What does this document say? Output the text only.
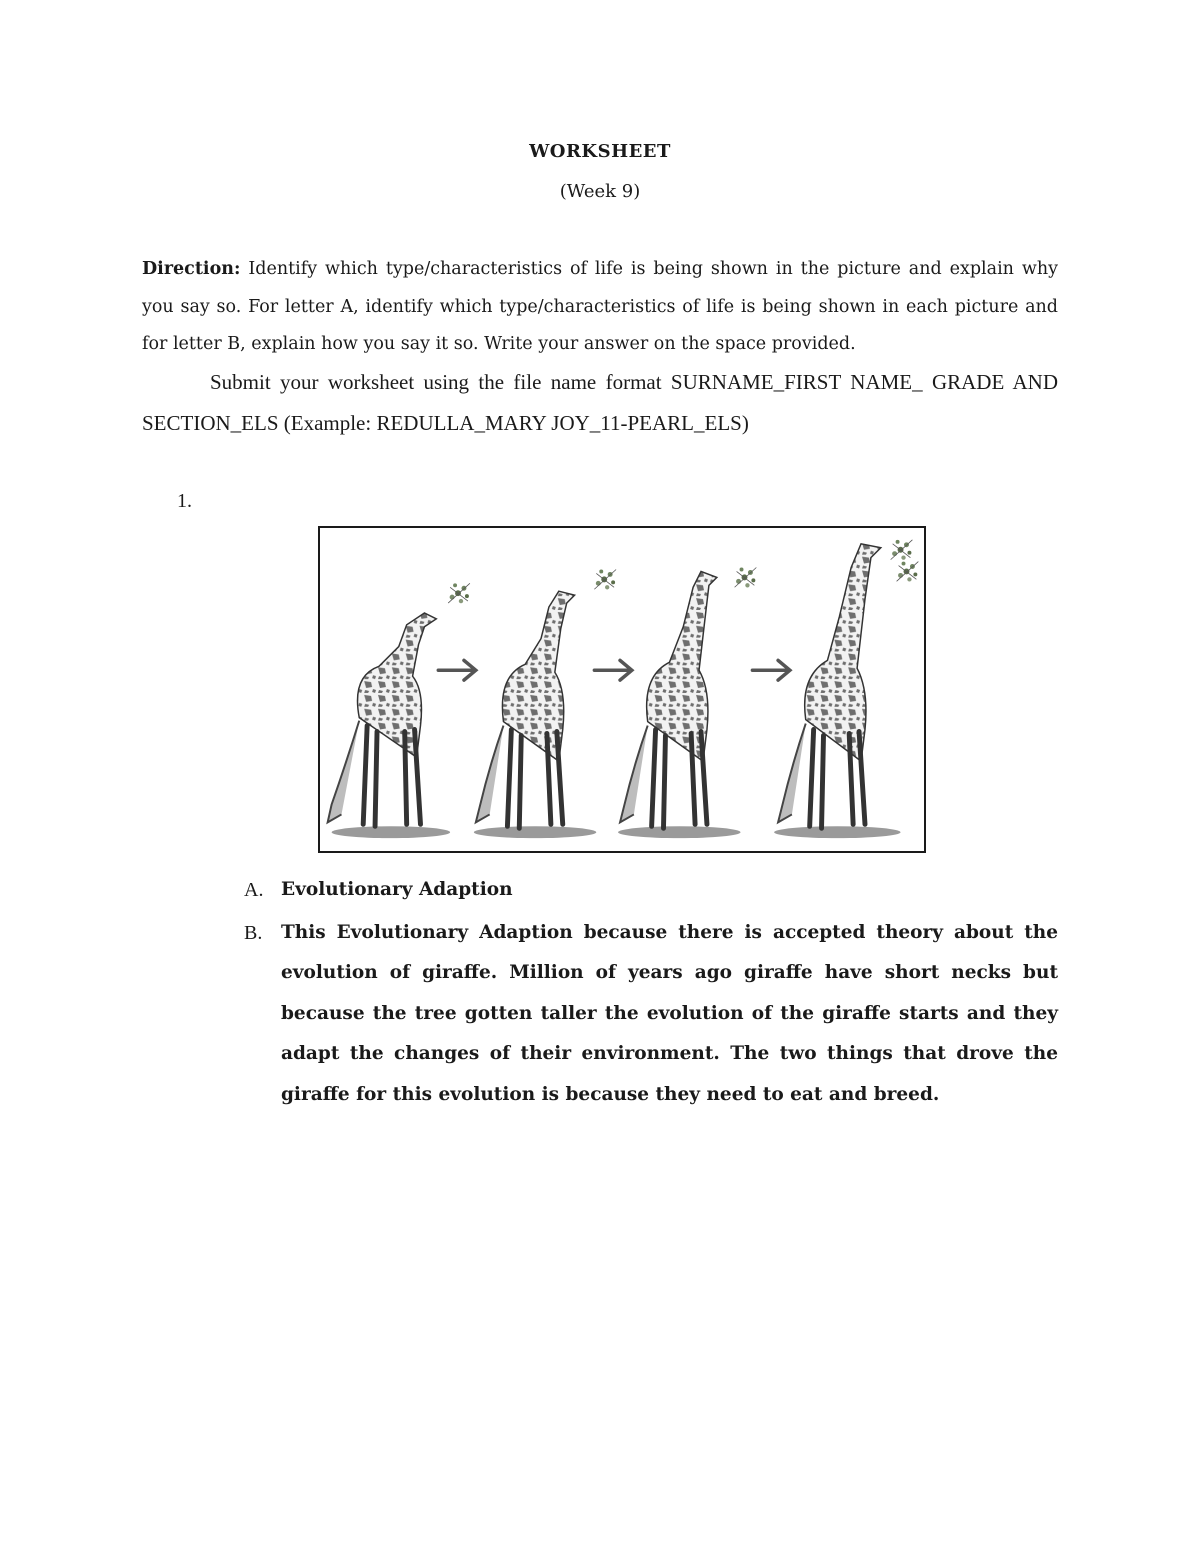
WORKSHEET
(Week 9)
Direction: Identify which type/characteristics of life is being shown in the picture and explain why you say so. For letter A, identify which type/characteristics of life is being shown in each picture and for letter B, explain how you say it so. Write your answer on the space provided.
Submit your worksheet using the file name format SURNAME_FIRST NAME_ GRADE AND SECTION_ELS (Example: REDULLA_MARY JOY_11-PEARL_ELS)
1.
A. Evolutionary Adaption
B.	This Evolutionary Adaption because there is accepted theory about the evolution of giraffe. Million of years ago giraffe have short necks but because the tree gotten taller the evolution of the giraffe starts and they adapt the changes of their environment. The two things that drove the giraffe for this evolution is because they need to eat and breed.
